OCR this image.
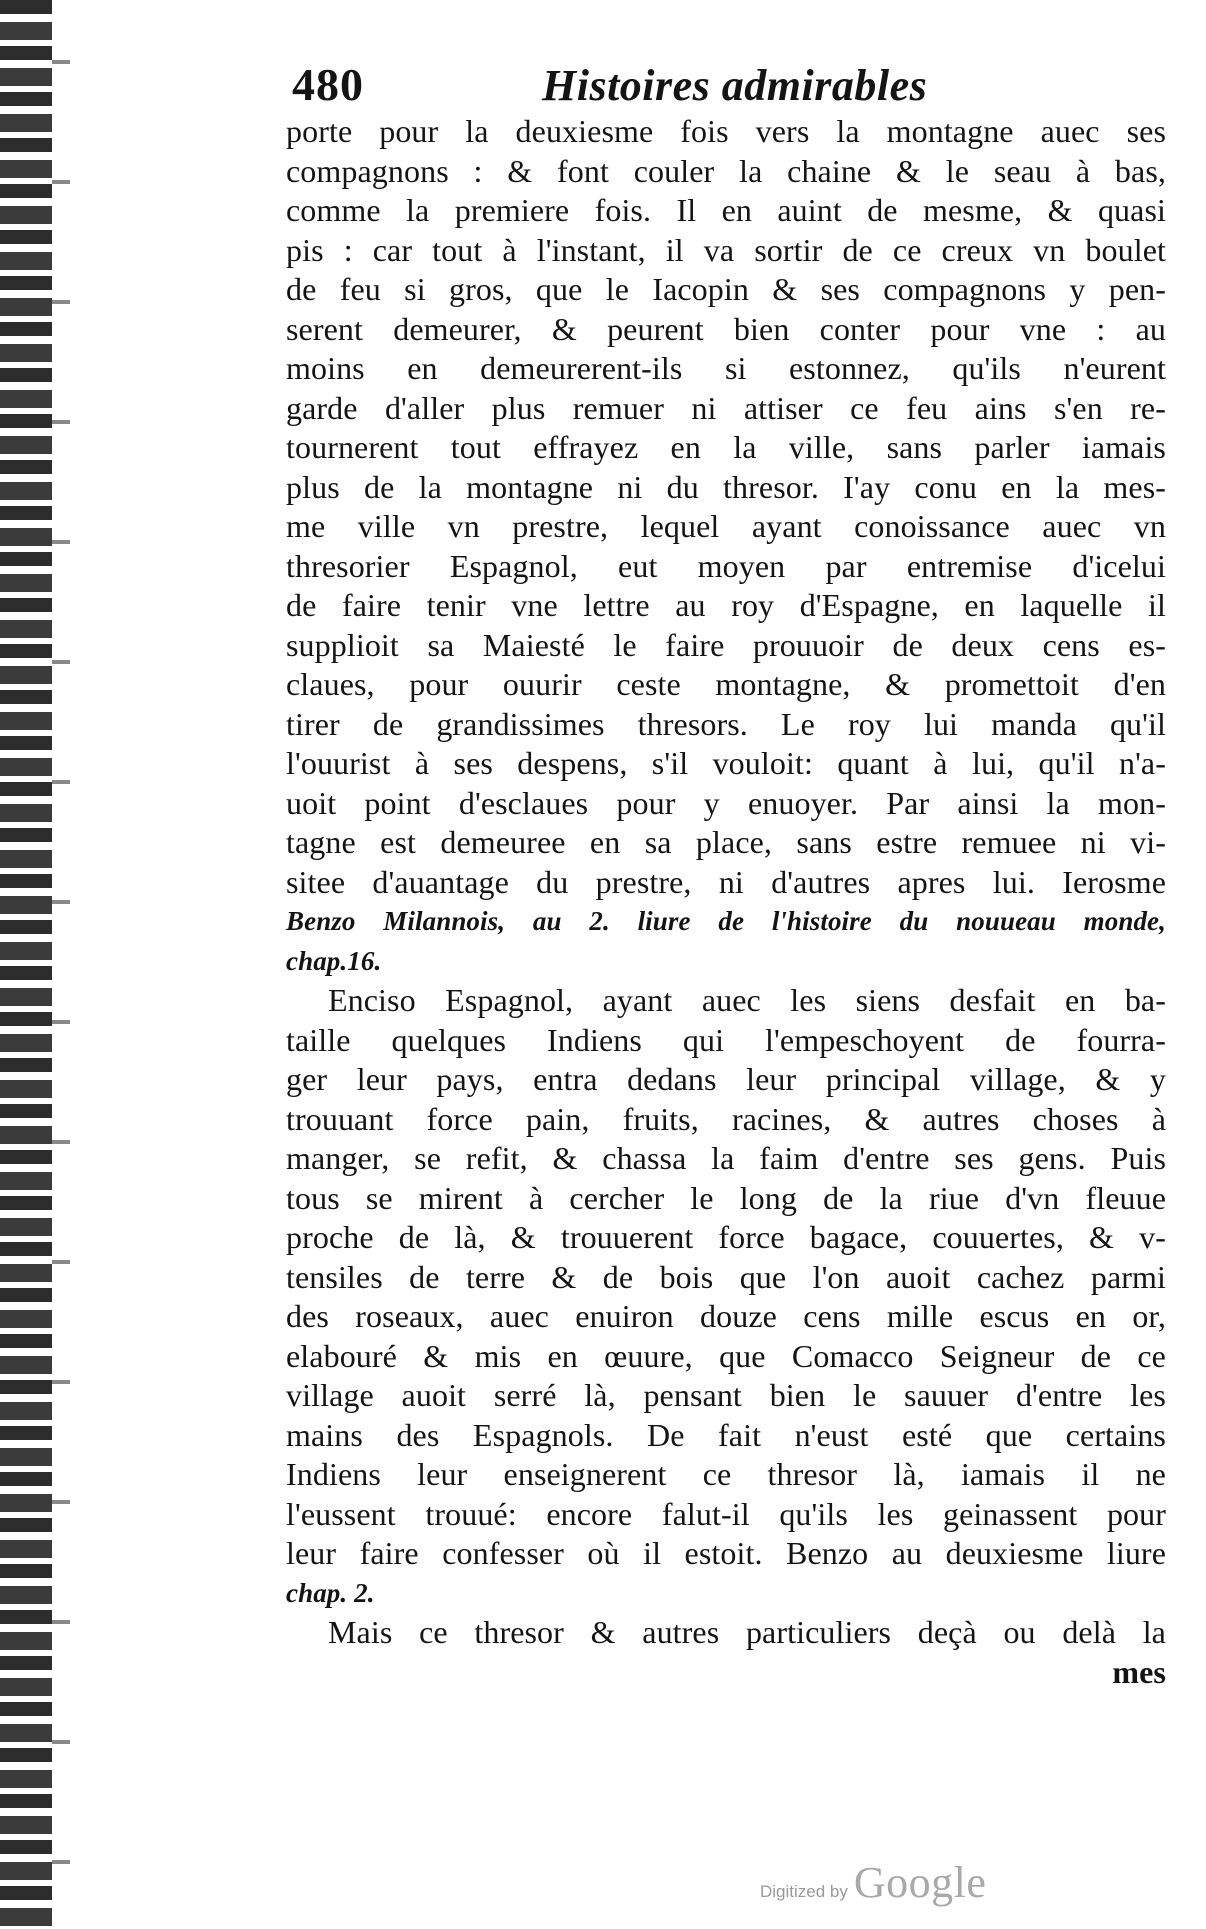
480	Histoires admirables
porte pour la deuxiesme fois vers la montagne auec ses
compagnons : & font couler la chaine & le seau à bas,
comme la premiere fois. Il en auint de mesme, & quasi
pis : car tout à l'instant, il va sortir de ce creux vn boulet
de feu si gros, que le Iacopin & ses compagnons y pen-
serent demeurer, & peurent bien conter pour vne : au
moins en demeurerent-ils si estonnez, qu'ils n'eurent
garde d'aller plus remuer ni attiser ce feu ains s'en re-
tournerent tout effrayez en la ville, sans parler iamais
plus de la montagne ni du thresor. I'ay conu en la mes-
me ville vn prestre, lequel ayant conoissance auec vn
thresorier Espagnol, eut moyen par entremise d'icelui
de faire tenir vne lettre au roy d'Espagne, en laquelle il
supplioit sa Maiesté le faire prouuoir de deux cens es-
claues, pour ouurir ceste montagne, & promettoit d'en
tirer de grandissimes thresors. Le roy lui manda qu'il
l'ouurist à ses despens, s'il vouloit: quant à lui, qu'il n'a-
uoit point d'esclaues pour y enuoyer. Par ainsi la mon-
tagne est demeuree en sa place, sans estre remuee ni vi-
sitee d'auantage du prestre, ni d'autres apres lui. Ierosme
Benzo Milannois, au 2. liure de l'histoire du nouueau monde,
chap.16.
Enciso Espagnol, ayant auec les siens desfait en ba-
taille quelques Indiens qui l'empeschoyent de fourra-
ger leur pays, entra dedans leur principal village, & y
trouuant force pain, fruits, racines, & autres choses à
manger, se refit, & chassa la faim d'entre ses gens. Puis
tous se mirent à cercher le long de la riue d'vn fleuue
proche de là, & trouuerent force bagace, couuertes, & v-
tensiles de terre & de bois que l'on auoit cachez parmi
des roseaux, auec enuiron douze cens mille escus en or,
elabouré & mis en œuure, que Comacco Seigneur de ce
village auoit serré là, pensant bien le sauuer d'entre les
mains des Espagnols. De fait n'eust esté que certains
Indiens leur enseignerent ce thresor là, iamais il ne
l'eussent trouué: encore falut-il qu'ils les geinassent pour
leur faire confesser où il estoit. Benzo au deuxiesme liure
chap. 2.
Mais ce thresor & autres particuliers deçà ou delà la
mes
Digitized by Google
